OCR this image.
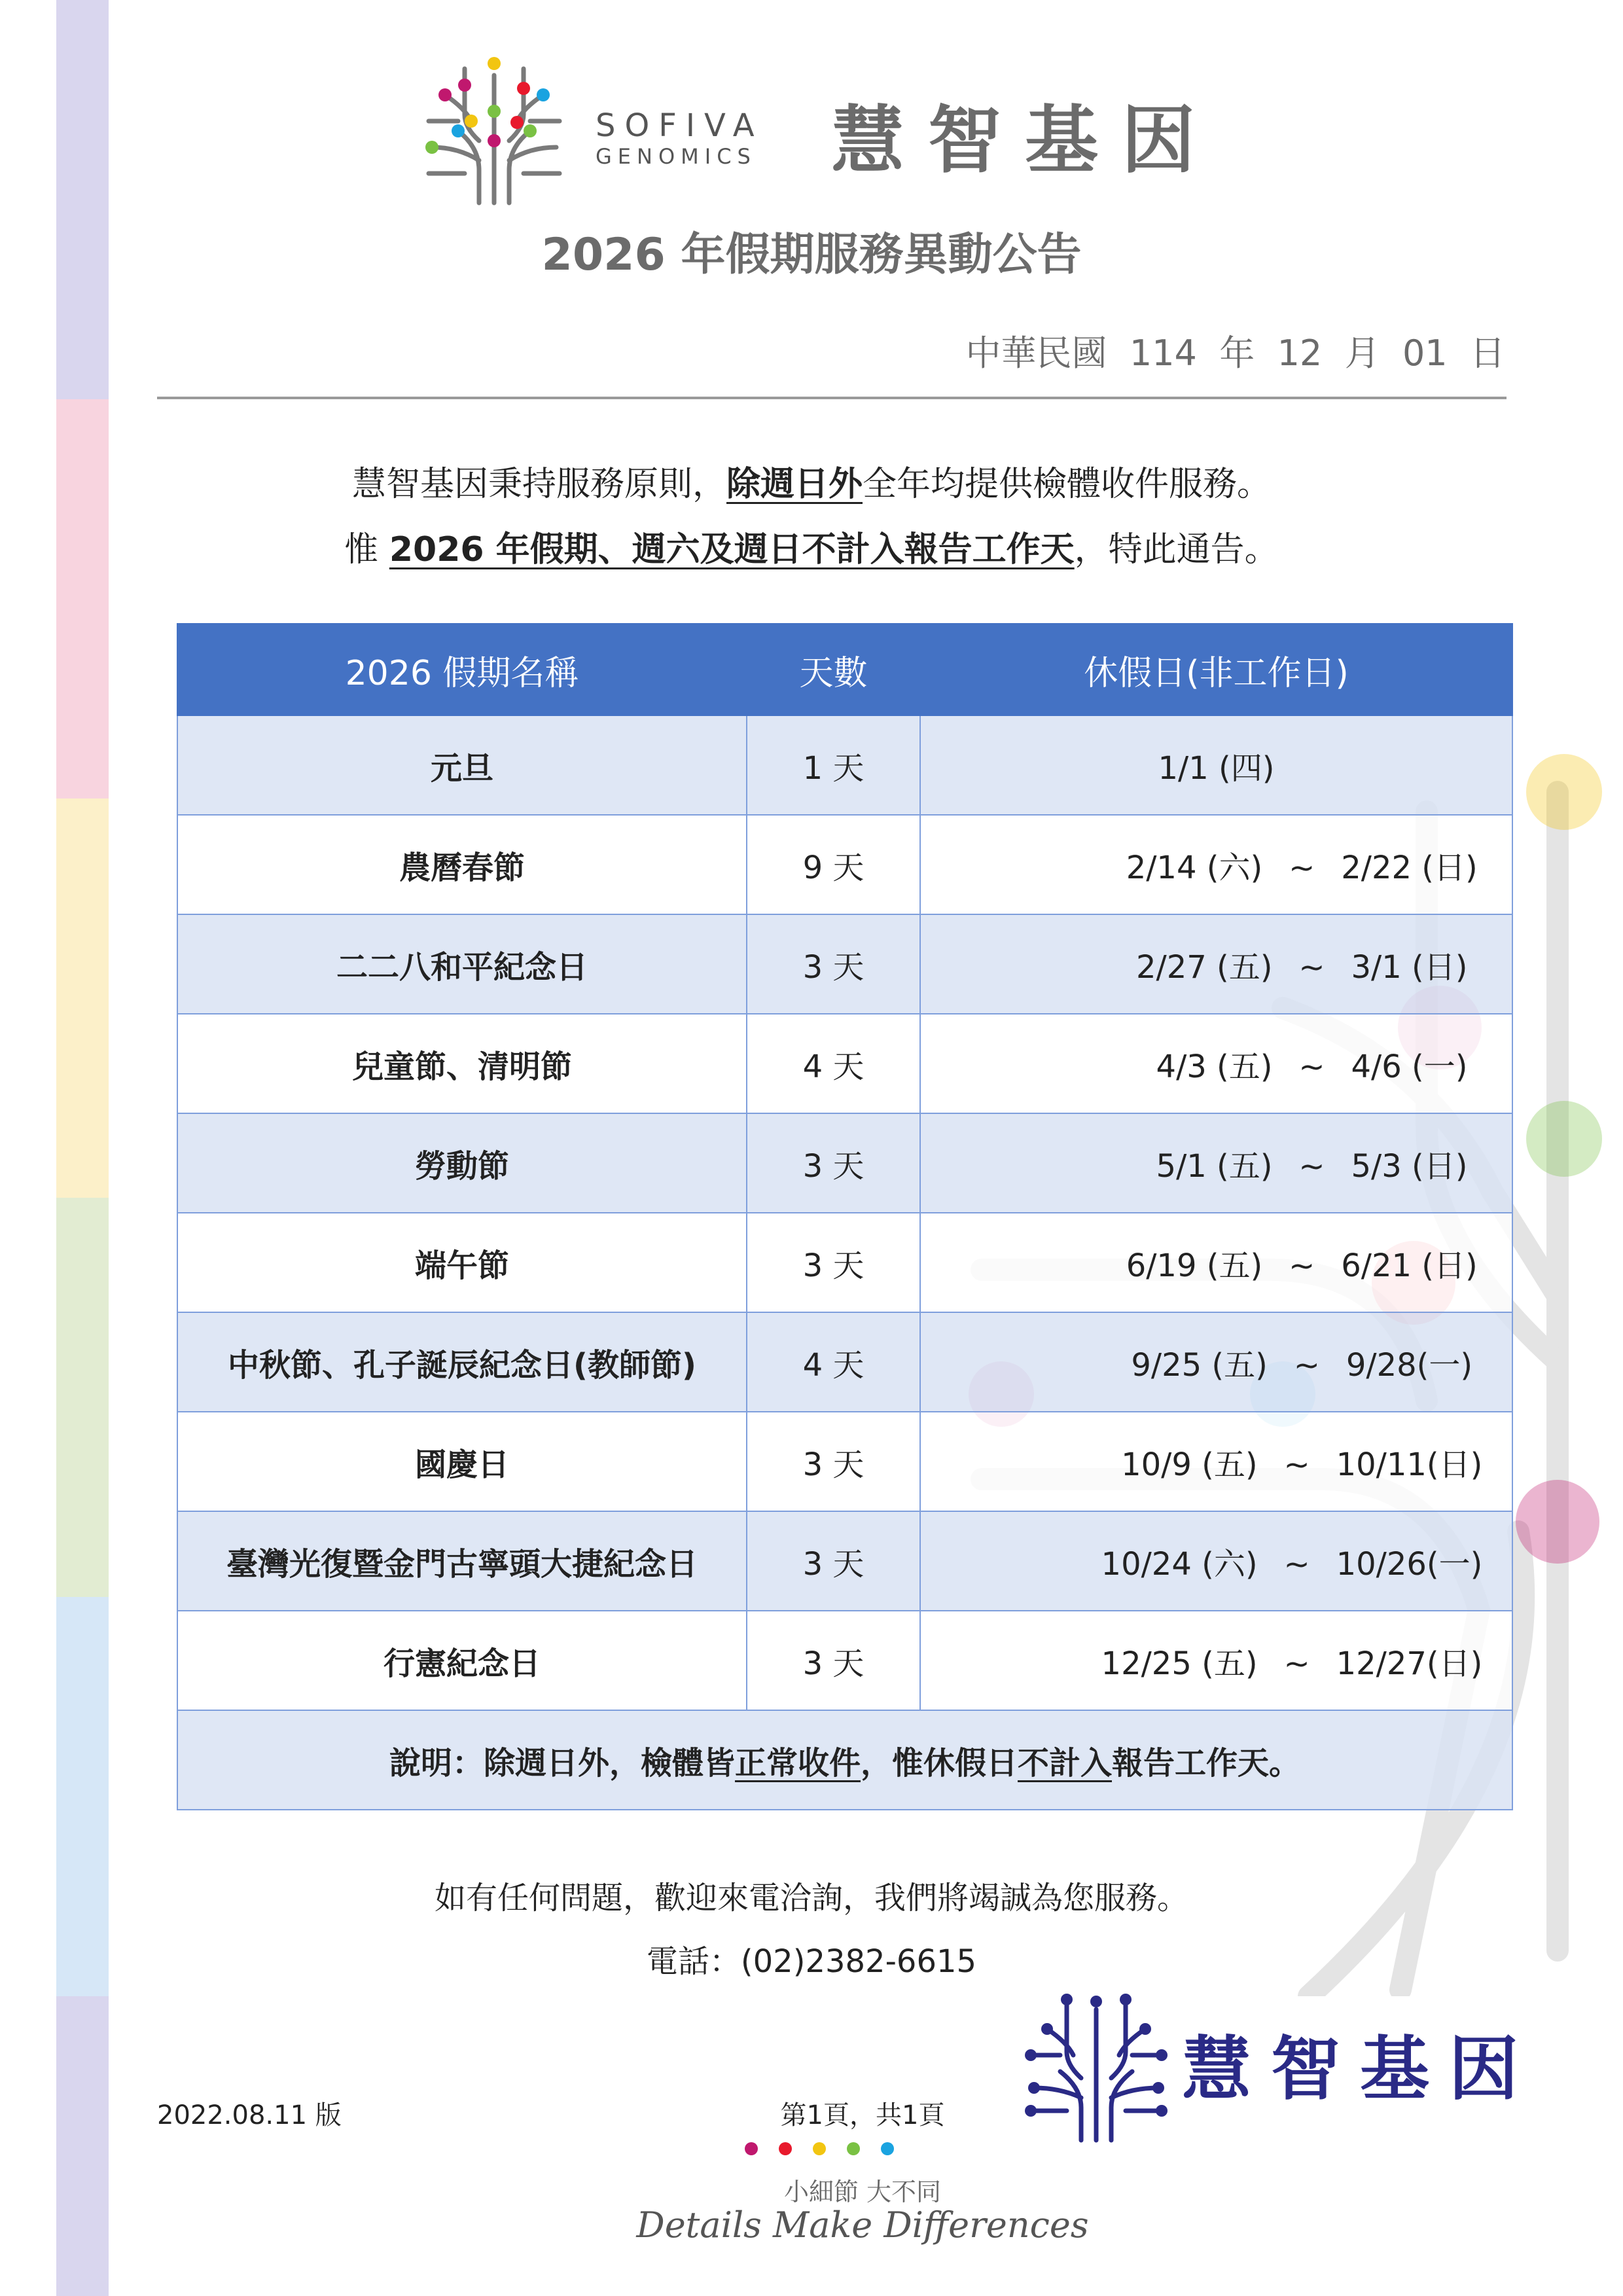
SOFIVA
GENOMICS 慧智基因
2026 年假期服務異動公告
中華民國  114  年  12  月  01  日
慧智基因秉持服務原則，除週日外全年均提供檢體收件服務。
惟 2026 年假期、週六及週日不計入報告工作天，特此通告。
2026 假期名稱	天數	休假日(非工作日)
元旦	1 天	1/1 (四)
農曆春節	9 天	2/14 (六) ~ 2/22 (日)
二二八和平紀念日	3 天	2/27 (五) ~ 3/1 (日)
兒童節、清明節	4 天	4/3 (五) ~ 4/6 (一)
勞動節	3 天	5/1 (五) ~ 5/3 (日)
端午節	3 天	6/19 (五) ~ 6/21 (日)
中秋節、孔子誕辰紀念日(教師節)	4 天	9/25 (五) ~ 9/28(一)
國慶日	3 天	10/9 (五) ~ 10/11(日)
臺灣光復暨金門古寧頭大捷紀念日	3 天	10/24 (六) ~ 10/26(一)
行憲紀念日	3 天	12/25 (五) ~ 12/27(日)
說明：除週日外，檢體皆正常收件，惟休假日不計入報告工作天。		
如有任何問題，歡迎來電洽詢，我們將竭誠為您服務。
電話：(02)2382-6615
慧智基因
2022.08.11 版	第1頁，共1頁
小細節 大不同
Details Make Differences
